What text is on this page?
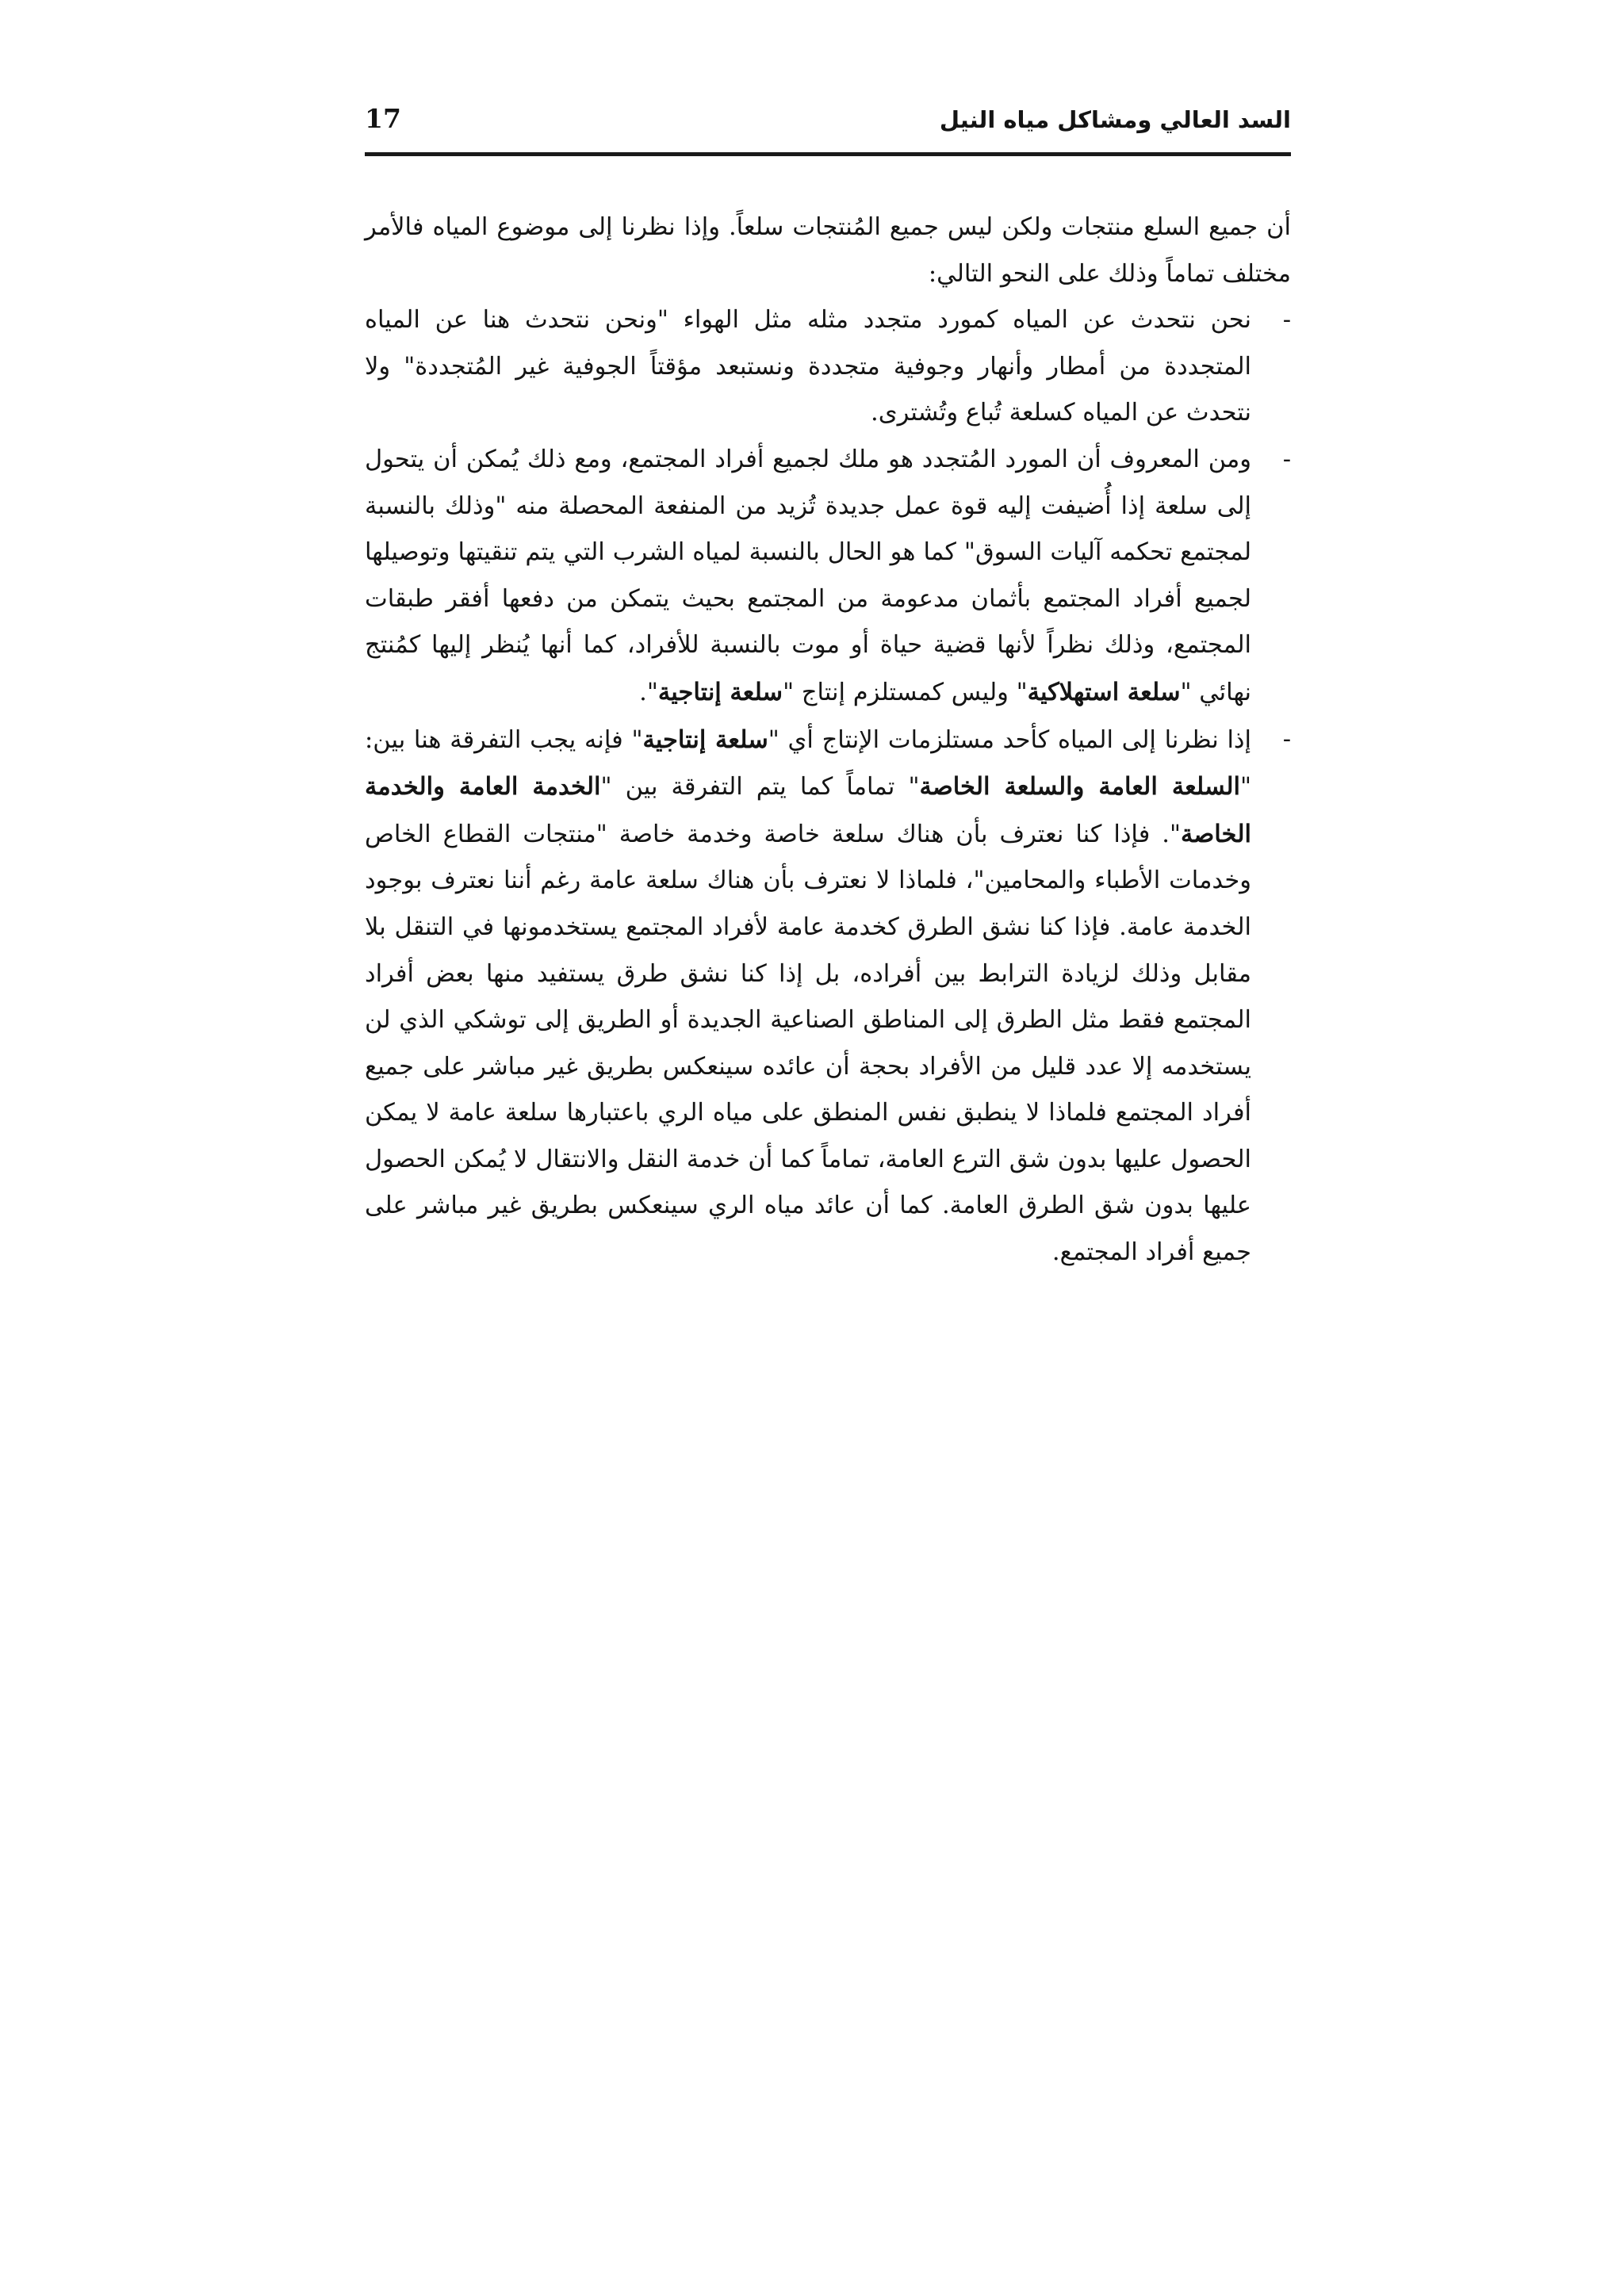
السد العالي ومشاكل مياه النيل
17

أن جميع السلع منتجات ولكن ليس جميع المُنتجات سلعاً. وإذا نظرنا إلى موضوع المياه فالأمر مختلف تماماً وذلك على النحو التالي:

-
نحن نتحدث عن المياه كمورد متجدد مثله مثل الهواء "ونحن نتحدث هنا عن المياه المتجددة من أمطار وأنهار وجوفية متجددة ونستبعد مؤقتاً الجوفية غير المُتجددة" ولا نتحدث عن المياه كسلعة تُباع وتُشترى.
-
ومن المعروف أن المورد المُتجدد هو ملك لجميع أفراد المجتمع، ومع ذلك يُمكن أن يتحول إلى سلعة إذا أُضيفت إليه قوة عمل جديدة تُزيد من المنفعة المحصلة منه "وذلك بالنسبة لمجتمع تحكمه آليات السوق" كما هو الحال بالنسبة لمياه الشرب التي يتم تنقيتها وتوصيلها لجميع أفراد المجتمع بأثمان مدعومة من المجتمع بحيث يتمكن من دفعها أفقر طبقات المجتمع، وذلك نظراً لأنها قضية حياة أو موت بالنسبة للأفراد، كما أنها يُنظر إليها كمُنتج نهائي "سلعة استهلاكية" وليس كمستلزم إنتاج "سلعة إنتاجية".
-
إذا نظرنا إلى المياه كأحد مستلزمات الإنتاج أي "سلعة إنتاجية" فإنه يجب التفرقة هنا بين: "السلعة العامة والسلعة الخاصة" تماماً كما يتم التفرقة بين "الخدمة العامة والخدمة الخاصة". فإذا كنا نعترف بأن هناك سلعة خاصة وخدمة خاصة "منتجات القطاع الخاص وخدمات الأطباء والمحامين"، فلماذا لا نعترف بأن هناك سلعة عامة رغم أننا نعترف بوجود الخدمة عامة. فإذا كنا نشق الطرق كخدمة عامة لأفراد المجتمع يستخدمونها في التنقل بلا مقابل وذلك لزيادة الترابط بين أفراده، بل إذا كنا نشق طرق يستفيد منها بعض أفراد المجتمع فقط مثل الطرق إلى المناطق الصناعية الجديدة أو الطريق إلى توشكي الذي لن يستخدمه إلا عدد قليل من الأفراد بحجة أن عائده سينعكس بطريق غير مباشر على جميع أفراد المجتمع فلماذا لا ينطبق نفس المنطق على مياه الري باعتبارها سلعة عامة لا يمكن الحصول عليها بدون شق الترع العامة، تماماً كما أن خدمة النقل والانتقال لا يُمكن الحصول عليها بدون شق الطرق العامة. كما أن عائد مياه الري سينعكس بطريق غير مباشر على جميع أفراد المجتمع.
